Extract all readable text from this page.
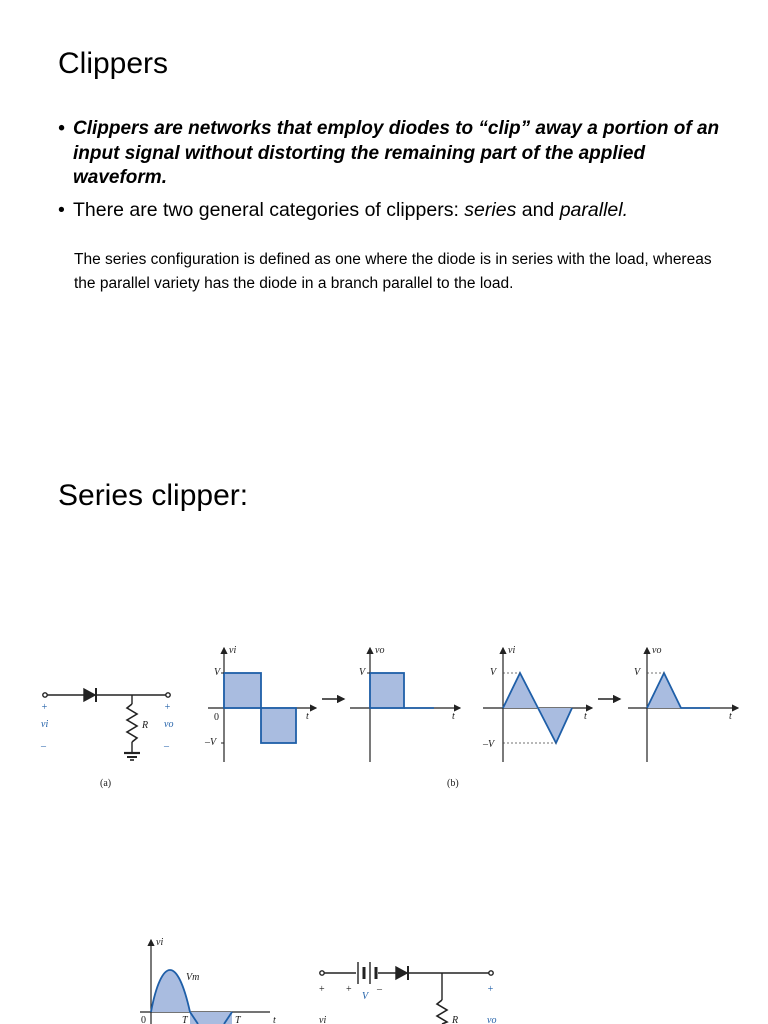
Clippers
• Clippers are networks that employ diodes to “clip” away a portion of an input signal without distorting the remaining part of the applied waveform.
• There are two general categories of clippers: series and parallel.
The series configuration is defined as one where the diode is in series with the load, whereas the parallel variety has the diode in a branch parallel to the load.
Series clipper:
+
vi
–
+
vo
–
R
(a)
vi
V
0
–V
t
vo
V
t
(b)
vi
V
–V
t
vo
V
t
vi
Vm
0	T	T	t
+ +
V
–	+
vi	R	vo
